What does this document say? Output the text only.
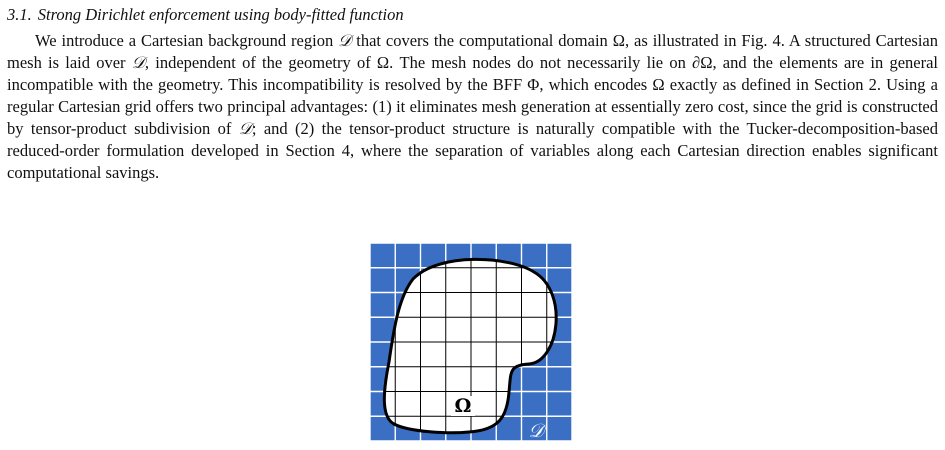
3.1. Strong Dirichlet enforcement using body-fitted function

We introduce a Cartesian background region 𝒟 that covers the computational domain Ω, as illustrated in Fig. 4. A structured Cartesian mesh is laid over 𝒟, independent of the geometry of Ω. The mesh nodes do not necessarily lie on ∂Ω, and the elements are in general incompatible with the geometry. This incompatibility is resolved by the BFF Φ, which encodes Ω exactly as defined in Section 2. Using a regular Cartesian grid offers two principal advantages: (1) it eliminates mesh generation at essentially zero cost, since the grid is constructed by tensor-product subdivision of 𝒟; and (2) the tensor-product structure is naturally compatible with the Tucker-decomposition-based reduced-order formulation developed in Section 4, where the separation of variables along each Cartesian direction enables significant computational savings.

Ω
𝒟
